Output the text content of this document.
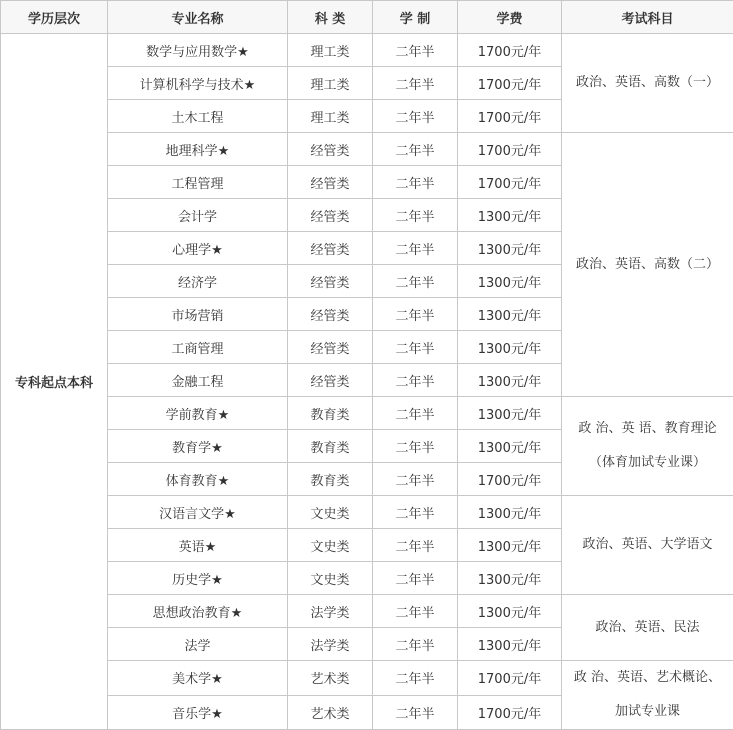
学历层次	专业名称	科 类	学 制	学费	考试科目
专科起点本科	数学与应用数学★	理工类	二年半	1700元/年	政治、英语、高数（一）

	计算机科学与技术★	理工类	二年半	1700元/年	
	土木工程	理工类	二年半	1700元/年	
	地理科学★	经管类	二年半	1700元/年	政治、英语、高数（二）

	工程管理	经管类	二年半	1700元/年	
	会计学	经管类	二年半	1300元/年	
	心理学★	经管类	二年半	1300元/年	
	经济学	经管类	二年半	1300元/年	
	市场营销	经管类	二年半	1300元/年	
	工商管理	经管类	二年半	1300元/年	
	金融工程	经管类	二年半	1300元/年	
	学前教育★	教育类	二年半	1300元/年	政 治、英 语、教育理论
（体育加试专业课）

	教育学★	教育类	二年半	1300元/年	
	体育教育★	教育类	二年半	1700元/年	
	汉语言文学★	文史类	二年半	1300元/年	政治、英语、大学语文

	英语★	文史类	二年半	1300元/年	
	历史学★	文史类	二年半	1300元/年	
	思想政治教育★	法学类	二年半	1300元/年	政治、英语、民法

	法学	法学类	二年半	1300元/年	
	美术学★	艺术类	二年半	1700元/年	政 治、英语、艺术概论、
加试专业课

	音乐学★	艺术类	二年半	1700元/年	
